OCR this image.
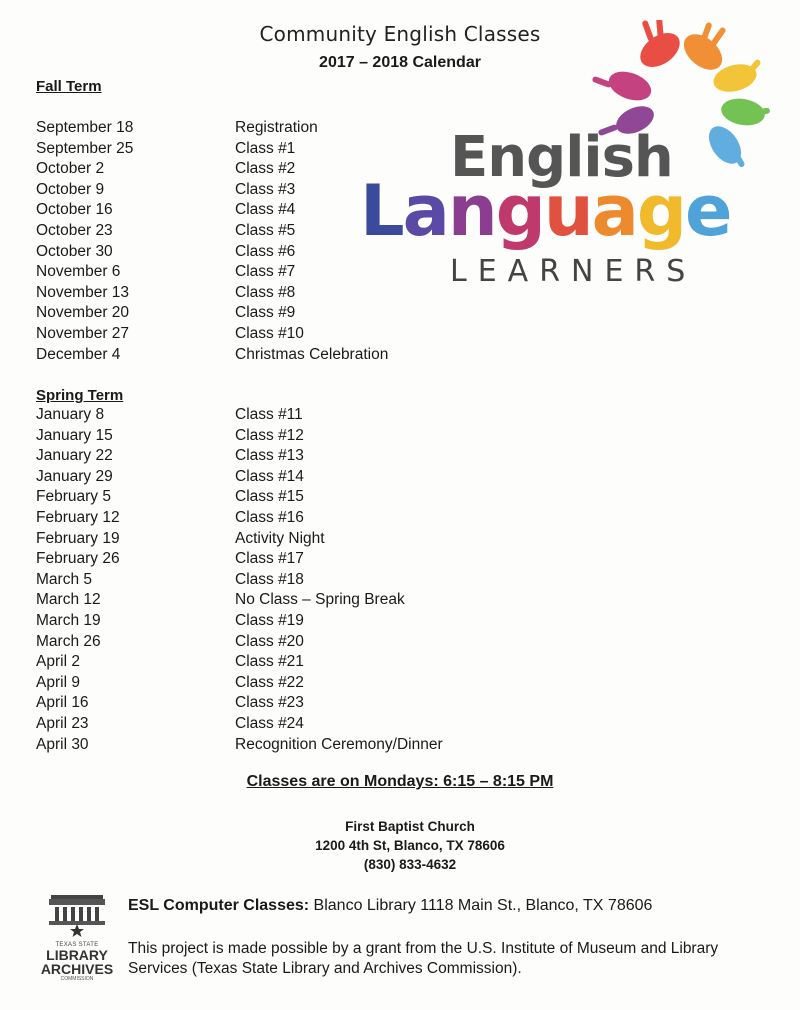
Community English Classes
2017 – 2018 Calendar
Fall Term
September 18	Registration
September 25	Class #1
October 2	Class #2
October 9	Class #3
October 16	Class #4
October 23	Class #5
October 30	Class #6
November 6	Class #7
November 13	Class #8
November 20	Class #9
November 27	Class #10
December 4	Christmas Celebration
Spring Term
January 8	Class #11
January 15	Class #12
January 22	Class #13
January 29	Class #14
February 5	Class #15
February 12	Class #16
February 19	Activity Night
February 26	Class #17
March 5	Class #18
March 12	No Class – Spring Break
March 19	Class #19
March 26	Class #20
April 2	Class #21
April 9	Class #22
April 16	Class #23
April 23	Class #24
April 30	Recognition Ceremony/Dinner
English
Language
LEARNERS
Classes are on Mondays: 6:15 – 8:15 PM
First Baptist Church
1200 4th St, Blanco, TX 78606
(830) 833-4632
TEXAS STATE
LIBRARY
ARCHIVES
COMMISSION
ESL Computer Classes: Blanco Library 1118 Main St., Blanco, TX 78606
This project is made possible by a grant from the U.S. Institute of Museum and Library Services (Texas State Library and Archives Commission).
